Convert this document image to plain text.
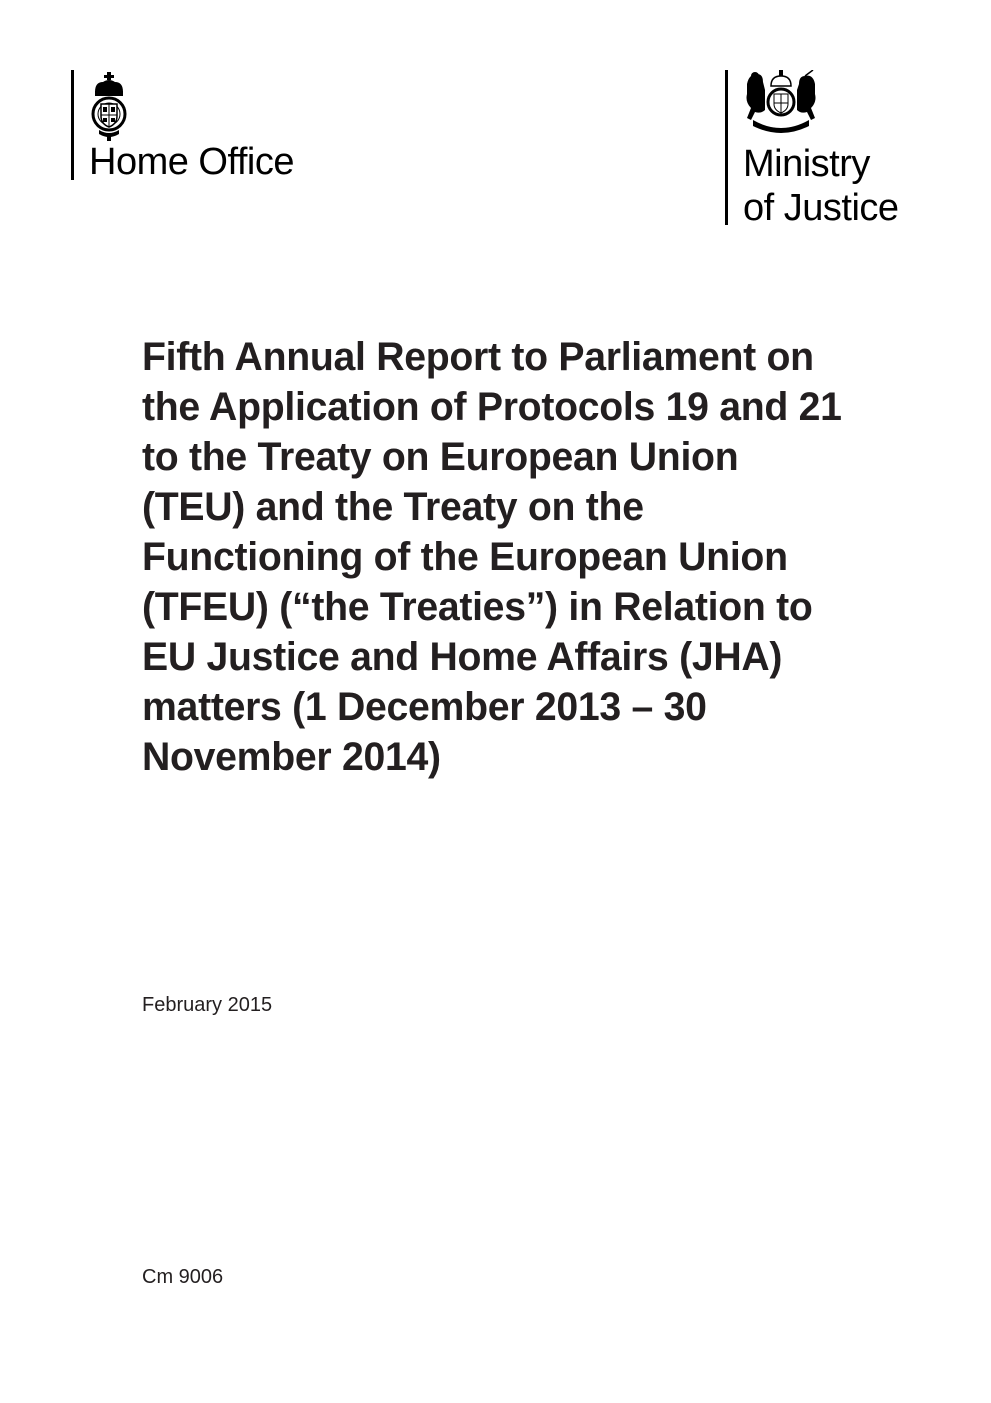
Home Office	Ministry
of Justice
Fifth Annual Report to Parliament on
the Application of Protocols 19 and 21
to the Treaty on European Union
(TEU) and the Treaty on the
Functioning of the European Union
(TFEU) (“the Treaties”) in Relation to
EU Justice and Home Affairs (JHA)
matters (1 December 2013 – 30
November 2014)
February 2015
Cm 9006
